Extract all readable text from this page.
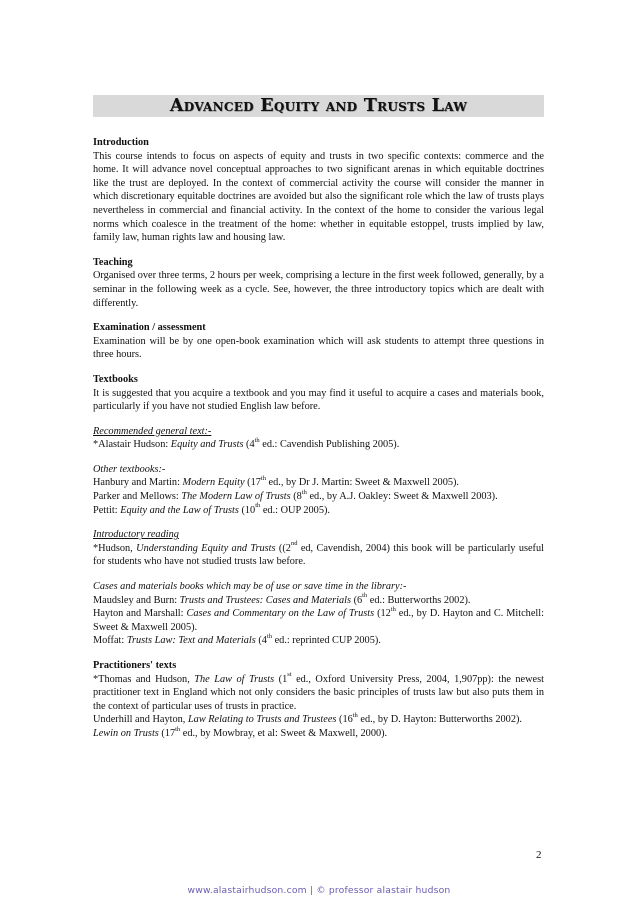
Advanced Equity and Trusts Law
Introduction

This course intends to focus on aspects of equity and trusts in two specific contexts: commerce and the home. It will advance novel conceptual approaches to two significant arenas in which equitable doctrines like the trust are deployed. In the context of commercial activity the course will consider the manner in which discretionary equitable doctrines are avoided but also the significant role which the law of trusts plays nevertheless in commercial and financial activity. In the context of the home to consider the various legal norms which coalesce in the treatment of the home: whether in equitable estoppel, trusts implied by law, family law, human rights law and housing law.

Teaching

Organised over three terms, 2 hours per week, comprising a lecture in the first week followed, generally, by a seminar in the following week as a cycle. See, however, the three introductory topics which are dealt with differently.

Examination / assessment

Examination will be by one open-book examination which will ask students to attempt three questions in three hours.

Textbooks

It is suggested that you acquire a textbook and you may find it useful to acquire a cases and materials book, particularly if you have not studied English law before.

Recommended general text:-

*Alastair Hudson: Equity and Trusts (4th ed.: Cavendish Publishing 2005).

Other textbooks:-

Hanbury and Martin: Modern Equity (17th ed., by Dr J. Martin: Sweet & Maxwell 2005).

Parker and Mellows: The Modern Law of Trusts (8th ed., by A.J. Oakley: Sweet & Maxwell 2003).

Pettit: Equity and the Law of Trusts (10th ed.: OUP 2005).

Introductory reading

*Hudson, Understanding Equity and Trusts ((2nd ed, Cavendish, 2004) this book will be particularly useful for students who have not studied trusts law before.

Cases and materials books which may be of use or save time in the library:-

Maudsley and Burn: Trusts and Trustees: Cases and Materials (6th ed.: Butterworths 2002).

Hayton and Marshall: Cases and Commentary on the Law of Trusts (12th ed., by D. Hayton and C. Mitchell: Sweet & Maxwell 2005).

Moffat: Trusts Law: Text and Materials (4th ed.: reprinted CUP 2005).

Practitioners' texts

*Thomas and Hudson, The Law of Trusts (1st ed., Oxford University Press, 2004, 1,907pp): the newest practitioner text in England which not only considers the basic principles of trusts law but also puts them in the context of particular uses of trusts in practice.

Underhill and Hayton, Law Relating to Trusts and Trustees (16th ed., by D. Hayton: Butterworths 2002).

Lewin on Trusts (17th ed., by Mowbray, et al: Sweet & Maxwell, 2000).

2
www.alastairhudson.com | © professor alastair hudson
